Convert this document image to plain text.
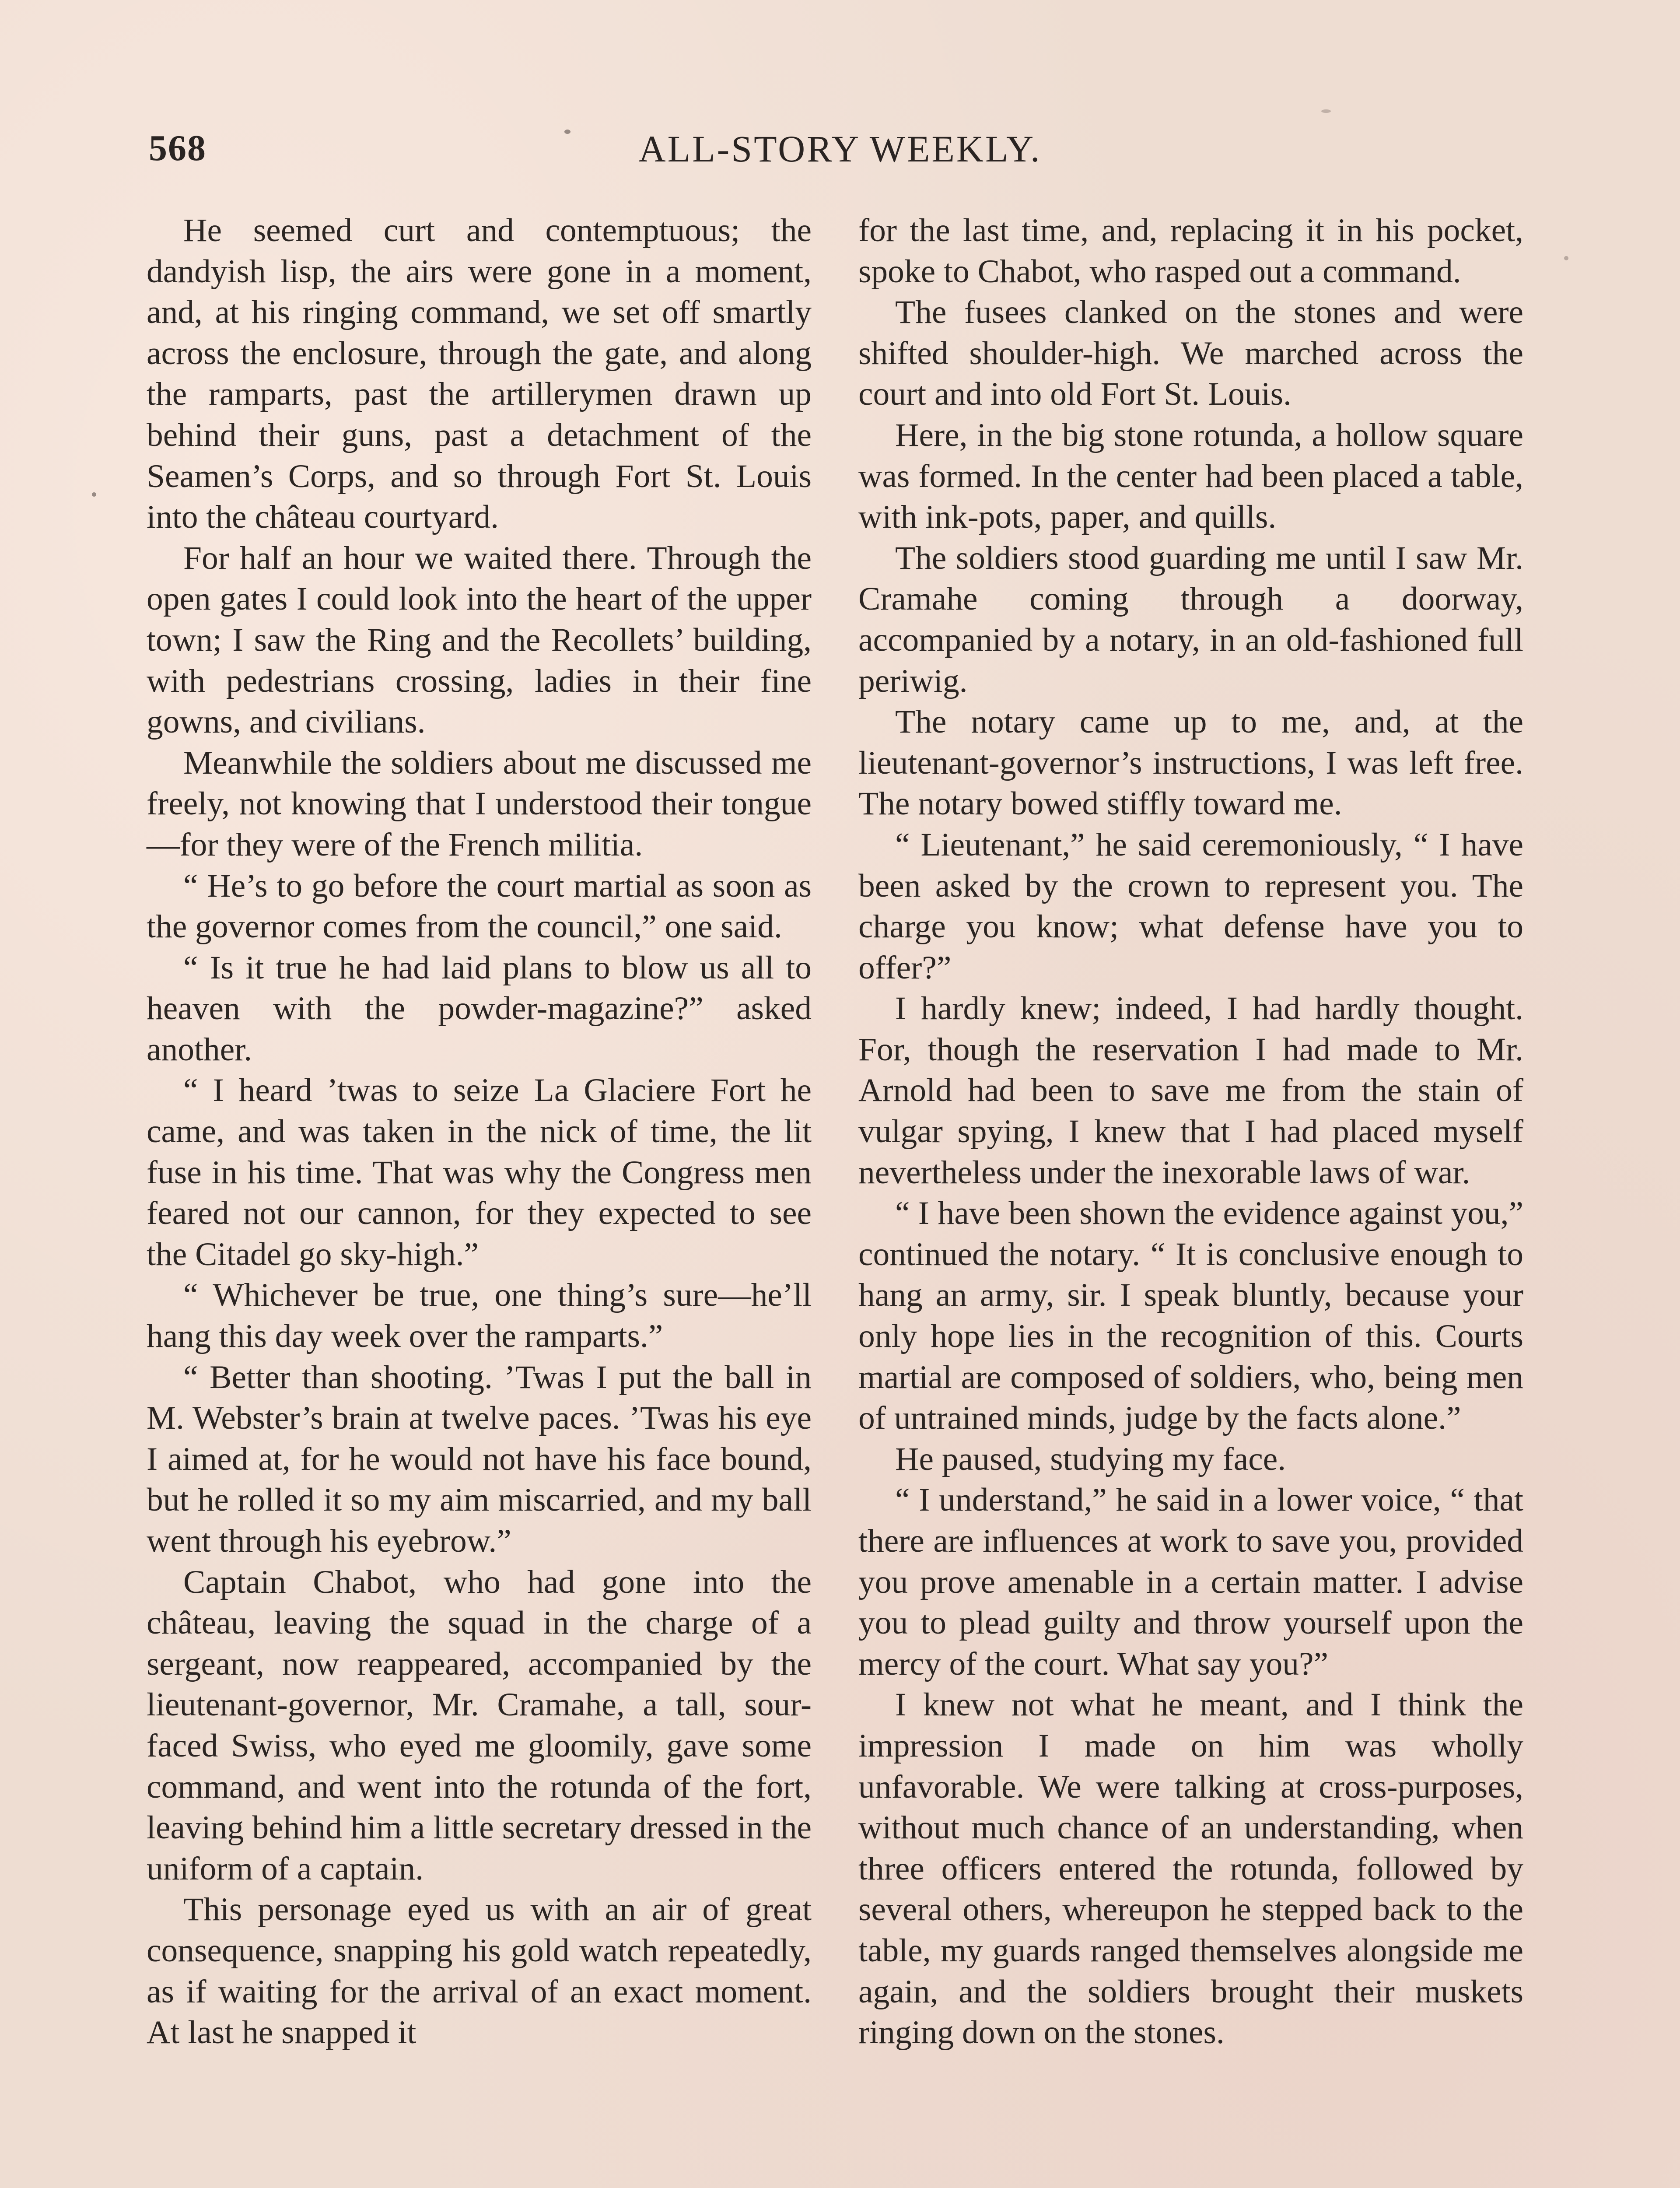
568	ALL-STORY WEEKLY.

He seemed curt and contemptuous; the dandyish lisp, the airs were gone in a moment, and, at his ringing command, we set off smartly across the enclosure, through the gate, and along the ramparts, past the artillerymen drawn up behind their guns, past a detachment of the Seamen’s Corps, and so through Fort St. Louis into the château courtyard.

For half an hour we waited there. Through the open gates I could look into the heart of the upper town; I saw the Ring and the Recollets’ building, with pedestrians crossing, ladies in their fine gowns, and civilians.

Meanwhile the soldiers about me discussed me freely, not knowing that I understood their tongue—for they were of the French militia.

“ He’s to go before the court martial as soon as the governor comes from the council,” one said.

“ Is it true he had laid plans to blow us all to heaven with the powder-magazine?” asked another.

“ I heard ’twas to seize La Glaciere Fort he came, and was taken in the nick of time, the lit fuse in his time. That was why the Congress men feared not our cannon, for they expected to see the Citadel go sky-high.”

“ Whichever be true, one thing’s sure—he’ll hang this day week over the ramparts.”

“ Better than shooting. ’Twas I put the ball in M. Webster’s brain at twelve paces. ’Twas his eye I aimed at, for he would not have his face bound, but he rolled it so my aim miscarried, and my ball went through his eyebrow.”

Captain Chabot, who had gone into the château, leaving the squad in the charge of a sergeant, now reappeared, accompanied by the lieutenant-governor, Mr. Cramahe, a tall, sour-faced Swiss, who eyed me gloomily, gave some command, and went into the rotunda of the fort, leaving behind him a little secretary dressed in the uniform of a captain.

This personage eyed us with an air of great consequence, snapping his gold watch repeatedly, as if waiting for the arrival of an exact moment. At last he snapped it

for the last time, and, replacing it in his pocket, spoke to Chabot, who rasped out a command.

The fusees clanked on the stones and were shifted shoulder-high. We marched across the court and into old Fort St. Louis.

Here, in the big stone rotunda, a hollow square was formed. In the center had been placed a table, with ink-pots, paper, and quills.

The soldiers stood guarding me until I saw Mr. Cramahe coming through a doorway, accompanied by a notary, in an old-fashioned full periwig.

The notary came up to me, and, at the lieutenant-governor’s instructions, I was left free. The notary bowed stiffly toward me.

“ Lieutenant,” he said ceremoniously, “ I have been asked by the crown to represent you. The charge you know; what defense have you to offer?”

I hardly knew; indeed, I had hardly thought. For, though the reservation I had made to Mr. Arnold had been to save me from the stain of vulgar spying, I knew that I had placed myself nevertheless under the inexorable laws of war.

“ I have been shown the evidence against you,” continued the notary. “ It is conclusive enough to hang an army, sir. I speak bluntly, because your only hope lies in the recognition of this. Courts martial are composed of soldiers, who, being men of untrained minds, judge by the facts alone.”

He paused, studying my face.

“ I understand,” he said in a lower voice, “ that there are influences at work to save you, provided you prove amenable in a certain matter. I advise you to plead guilty and throw yourself upon the mercy of the court. What say you?”

I knew not what he meant, and I think the impression I made on him was wholly unfavorable. We were talking at cross-purposes, without much chance of an understanding, when three officers entered the rotunda, followed by several others, whereupon he stepped back to the table, my guards ranged themselves alongside me again, and the soldiers brought their muskets ringing down on the stones.
